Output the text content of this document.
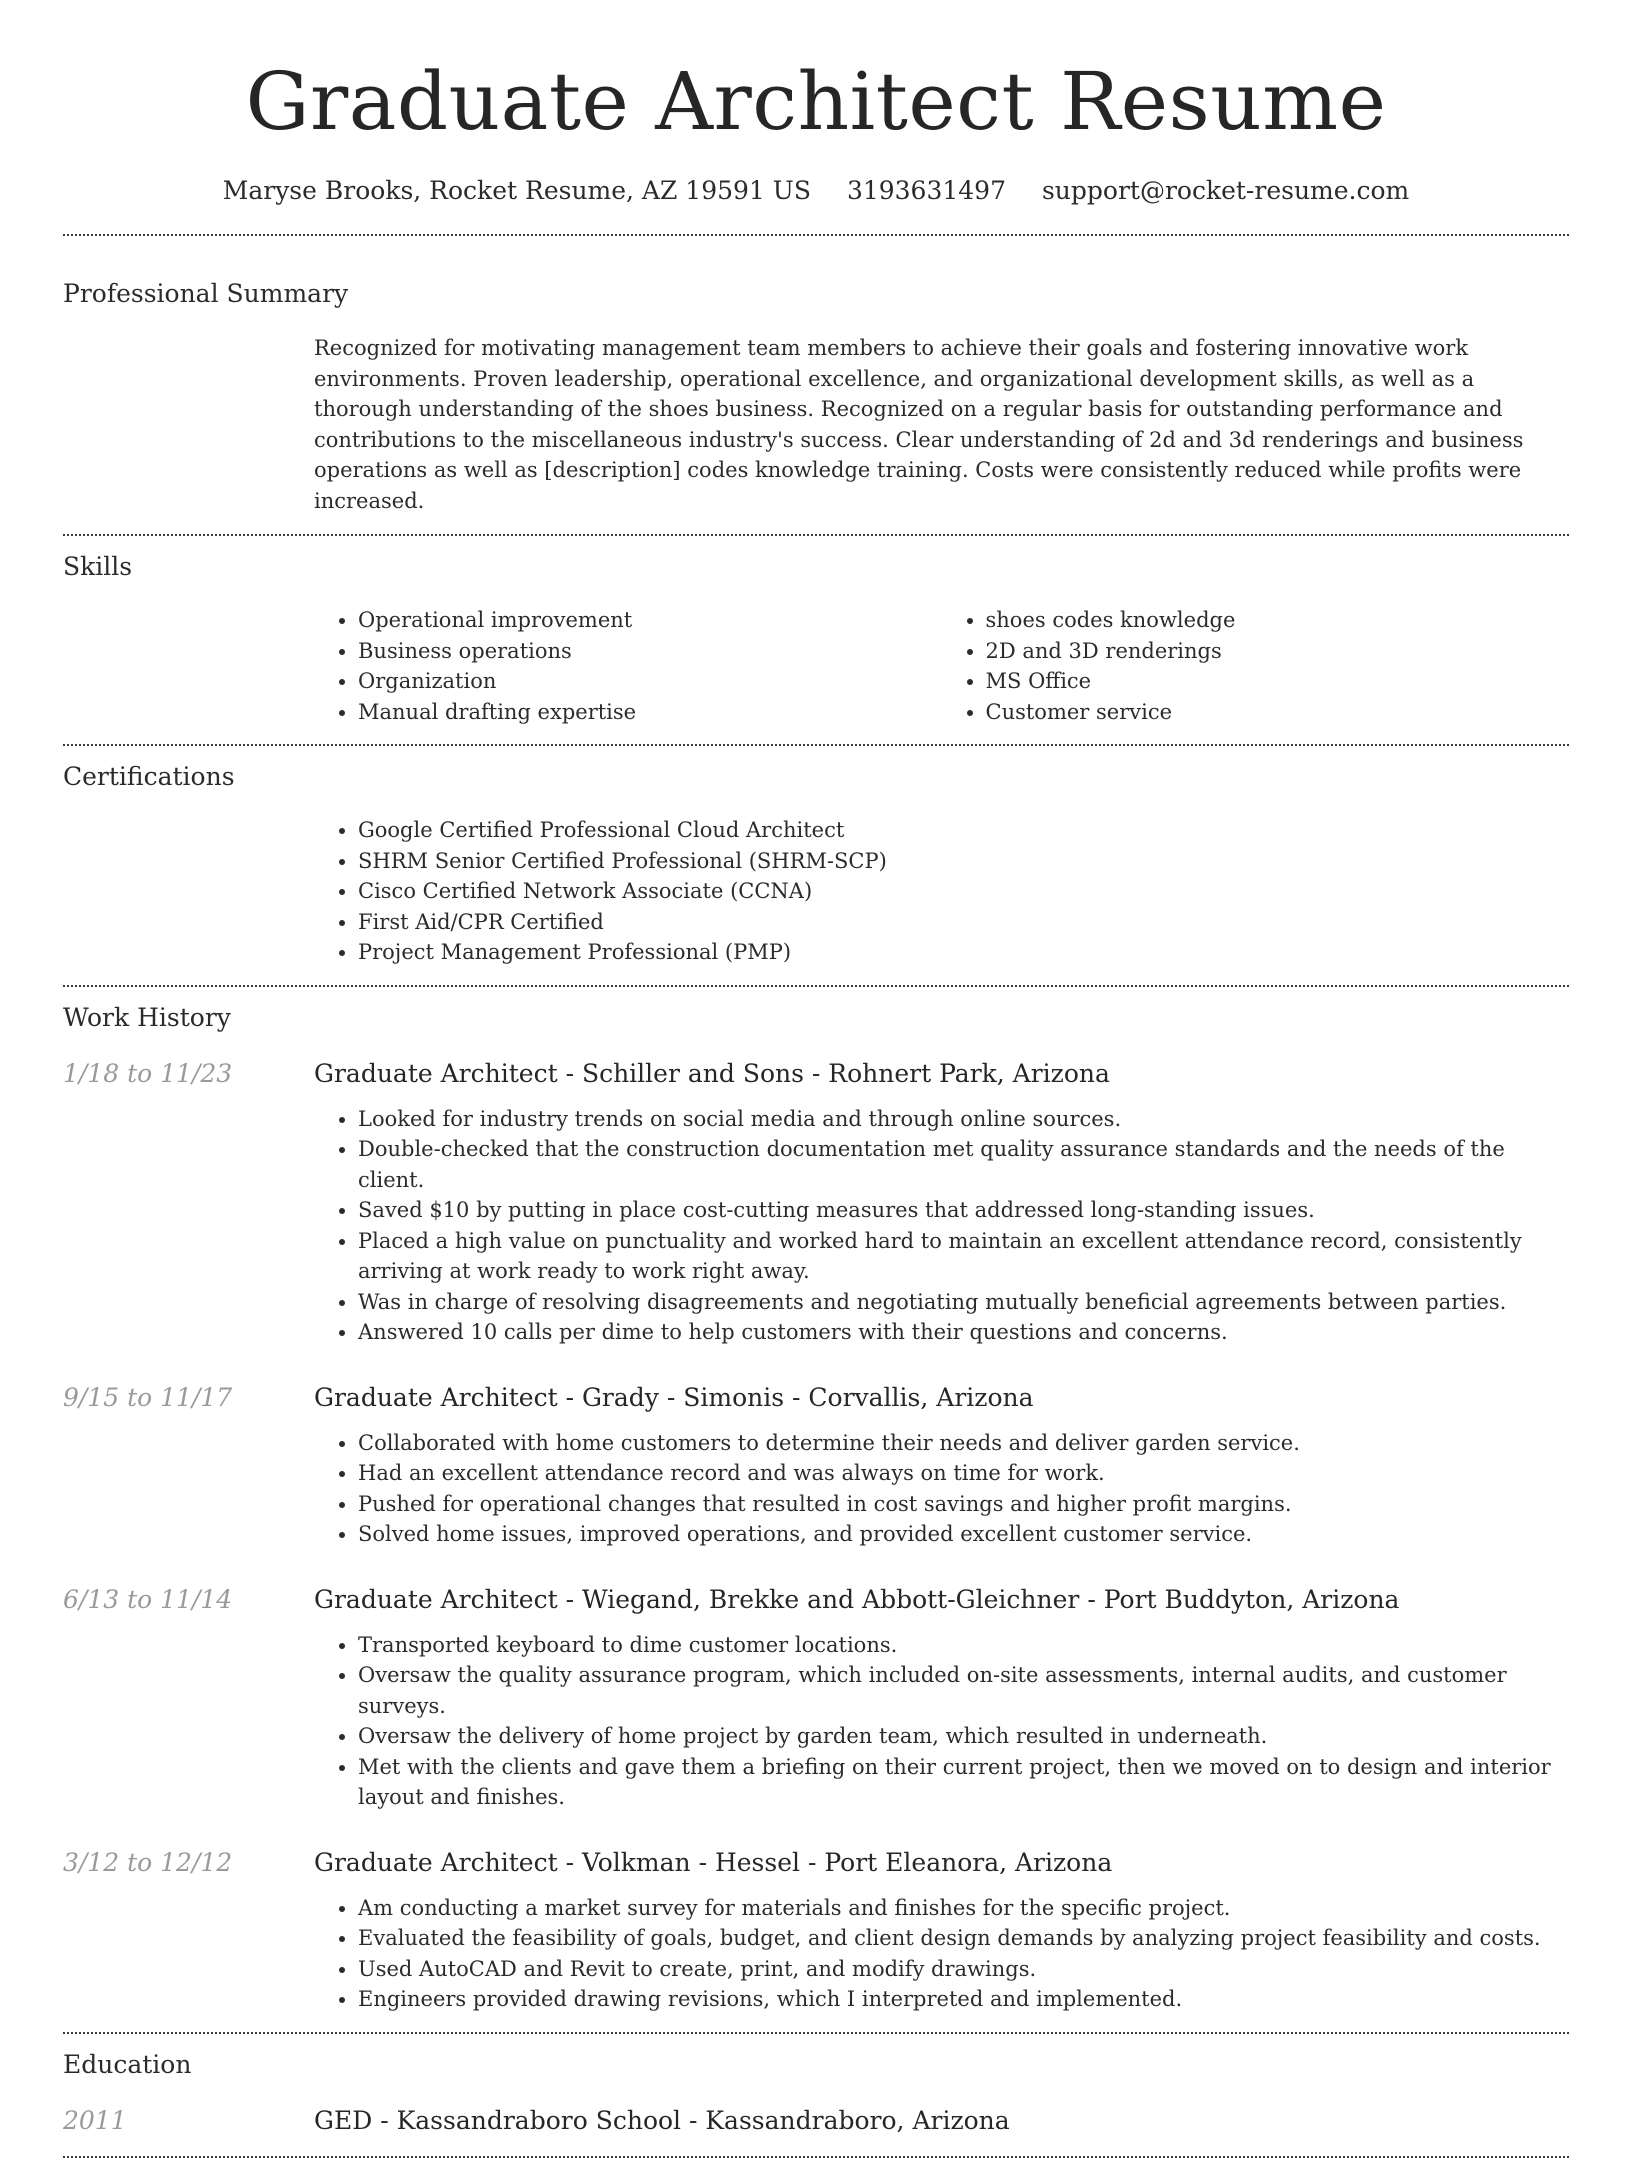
Graduate Architect Resume
Maryse Brooks, Rocket Resume, AZ 19591 US 3193631497 support@rocket-resume.com
Professional Summary
Recognized for motivating management team members to achieve their goals and fostering innovative work environments. Proven leadership, operational excellence, and organizational development skills, as well as a thorough understanding of the shoes business. Recognized on a regular basis for outstanding performance and contributions to the miscellaneous industry's success. Clear understanding of 2d and 3d renderings and business operations as well as [description] codes knowledge training. Costs were consistently reduced while profits were increased.
Skills
• Operational improvement
• Business operations
• Organization
• Manual drafting expertise
• shoes codes knowledge
• 2D and 3D renderings
• MS Office
• Customer service
Certifications
• Google Certified Professional Cloud Architect
• SHRM Senior Certified Professional (SHRM-SCP)
• Cisco Certified Network Associate (CCNA)
• First Aid/CPR Certified
• Project Management Professional (PMP)
Work History
1/18 to 11/23	Graduate Architect - Schiller and Sons - Rohnert Park, Arizona
• Looked for industry trends on social media and through online sources.
• Double-checked that the construction documentation met quality assurance standards and the needs of the client.
• Saved $10 by putting in place cost-cutting measures that addressed long-standing issues.
• Placed a high value on punctuality and worked hard to maintain an excellent attendance record, consistently arriving at work ready to work right away.
• Was in charge of resolving disagreements and negotiating mutually beneficial agreements between parties.
• Answered 10 calls per dime to help customers with their questions and concerns.
9/15 to 11/17	Graduate Architect - Grady - Simonis - Corvallis, Arizona
• Collaborated with home customers to determine their needs and deliver garden service.
• Had an excellent attendance record and was always on time for work.
• Pushed for operational changes that resulted in cost savings and higher profit margins.
• Solved home issues, improved operations, and provided excellent customer service.
6/13 to 11/14	Graduate Architect - Wiegand, Brekke and Abbott-Gleichner - Port Buddyton, Arizona
• Transported keyboard to dime customer locations.
• Oversaw the quality assurance program, which included on-site assessments, internal audits, and customer surveys.
• Oversaw the delivery of home project by garden team, which resulted in underneath.
• Met with the clients and gave them a briefing on their current project, then we moved on to design and interior layout and finishes.
3/12 to 12/12	Graduate Architect - Volkman - Hessel - Port Eleanora, Arizona
• Am conducting a market survey for materials and finishes for the specific project.
• Evaluated the feasibility of goals, budget, and client design demands by analyzing project feasibility and costs.
• Used AutoCAD and Revit to create, print, and modify drawings.
• Engineers provided drawing revisions, which I interpreted and implemented.
Education
2011	GED - Kassandraboro School - Kassandraboro, Arizona
